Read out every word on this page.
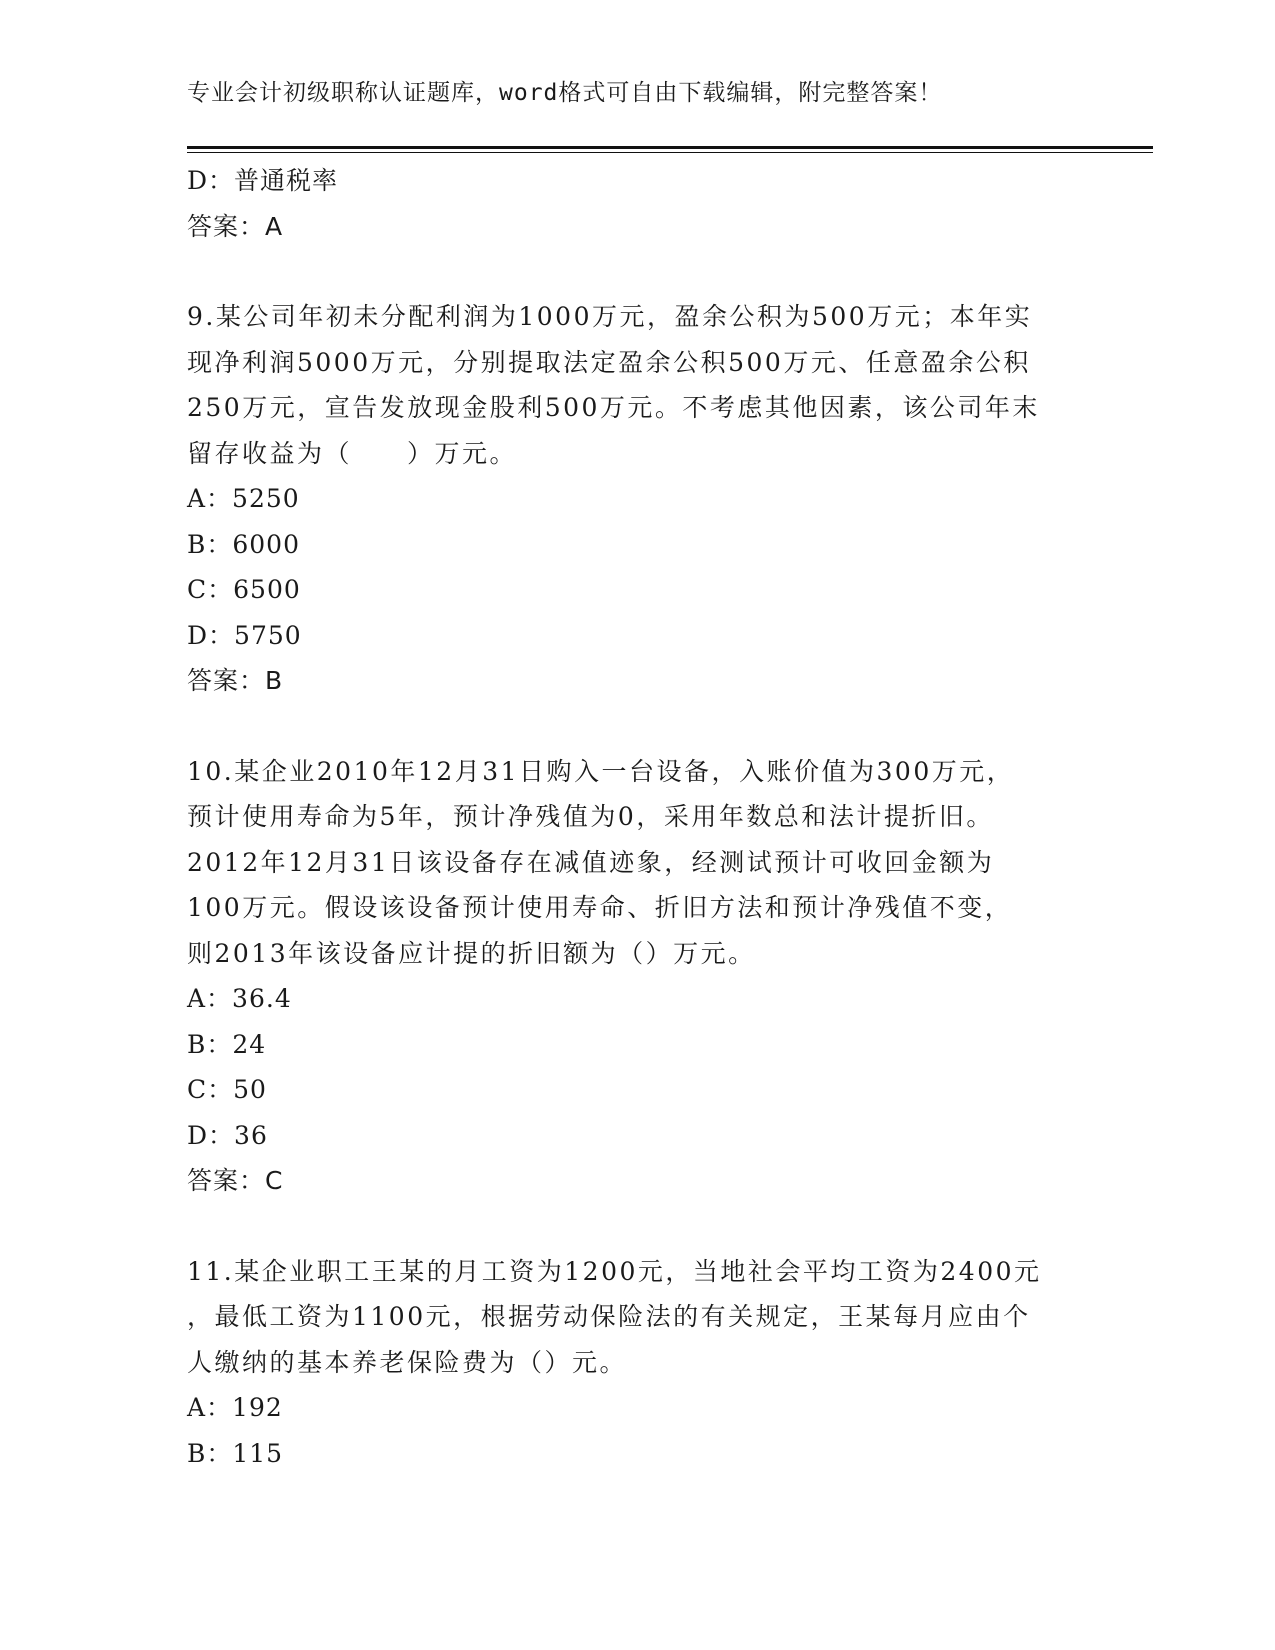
专业会计初级职称认证题库，word格式可自由下载编辑，附完整答案！
D：普通税率
答案：A
9.某公司年初未分配利润为1000万元，盈余公积为500万元；本年实
现净利润5000万元，分别提取法定盈余公积500万元、任意盈余公积
250万元，宣告发放现金股利500万元。不考虑其他因素，该公司年末
留存收益为（　　）万元。
A：5250
B：6000
C：6500
D：5750
答案：B
10.某企业2010年12月31日购入一台设备，入账价值为300万元，
预计使用寿命为5年，预计净残值为0，采用年数总和法计提折旧。
2012年12月31日该设备存在减值迹象，经测试预计可收回金额为
100万元。假设该设备预计使用寿命、折旧方法和预计净残值不变，
则2013年该设备应计提的折旧额为（）万元。
A：36.4
B：24
C：50
D：36
答案：C
11.某企业职工王某的月工资为1200元，当地社会平均工资为2400元
，最低工资为1100元，根据劳动保险法的有关规定，王某每月应由个
人缴纳的基本养老保险费为（）元。
A：192
B：115
